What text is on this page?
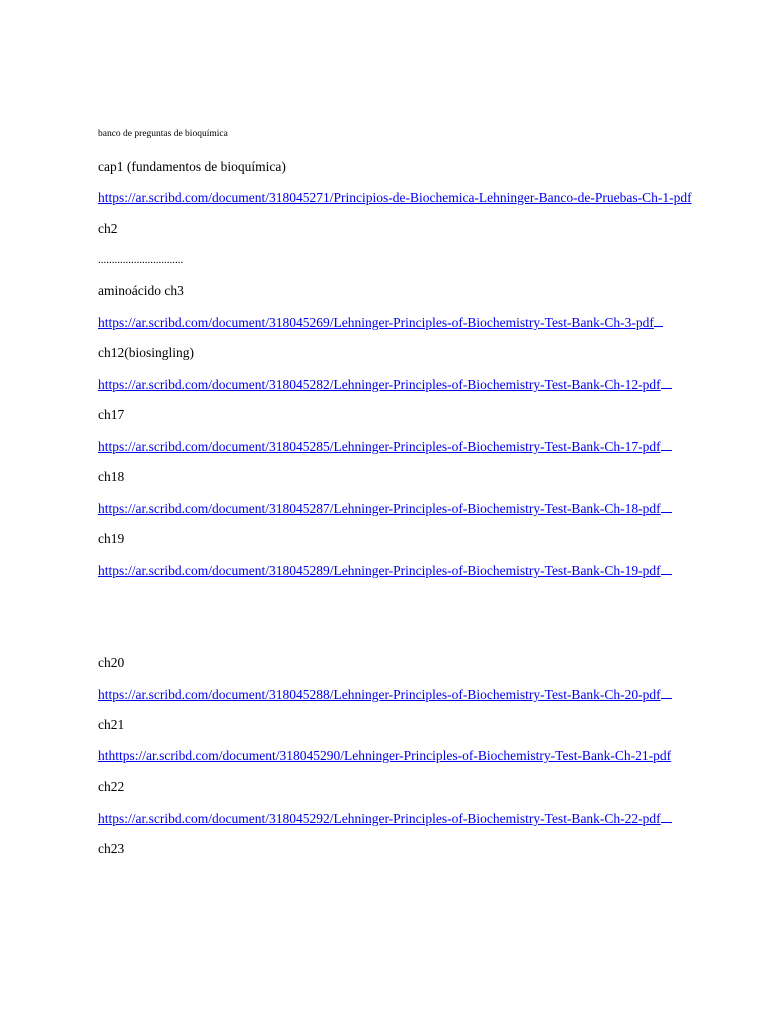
banco de preguntas de bioquímica
cap1 (fundamentos de bioquímica)
https://ar.scribd.com/document/318045271/Principios-de-Biochemica-Lehninger-Banco-de-Pruebas-Ch-1-pdf
ch2
...............................
aminoácido ch3
https://ar.scribd.com/document/318045269/Lehninger-Principles-of-Biochemistry-Test-Bank-Ch-3-pdf
ch12(biosingling)
https://ar.scribd.com/document/318045282/Lehninger-Principles-of-Biochemistry-Test-Bank-Ch-12-pdf
ch17
https://ar.scribd.com/document/318045285/Lehninger-Principles-of-Biochemistry-Test-Bank-Ch-17-pdf
ch18
https://ar.scribd.com/document/318045287/Lehninger-Principles-of-Biochemistry-Test-Bank-Ch-18-pdf
ch19
https://ar.scribd.com/document/318045289/Lehninger-Principles-of-Biochemistry-Test-Bank-Ch-19-pdf
ch20
https://ar.scribd.com/document/318045288/Lehninger-Principles-of-Biochemistry-Test-Bank-Ch-20-pdf
ch21
hthttps://ar.scribd.com/document/318045290/Lehninger-Principles-of-Biochemistry-Test-Bank-Ch-21-pdf
ch22
https://ar.scribd.com/document/318045292/Lehninger-Principles-of-Biochemistry-Test-Bank-Ch-22-pdf
ch23
